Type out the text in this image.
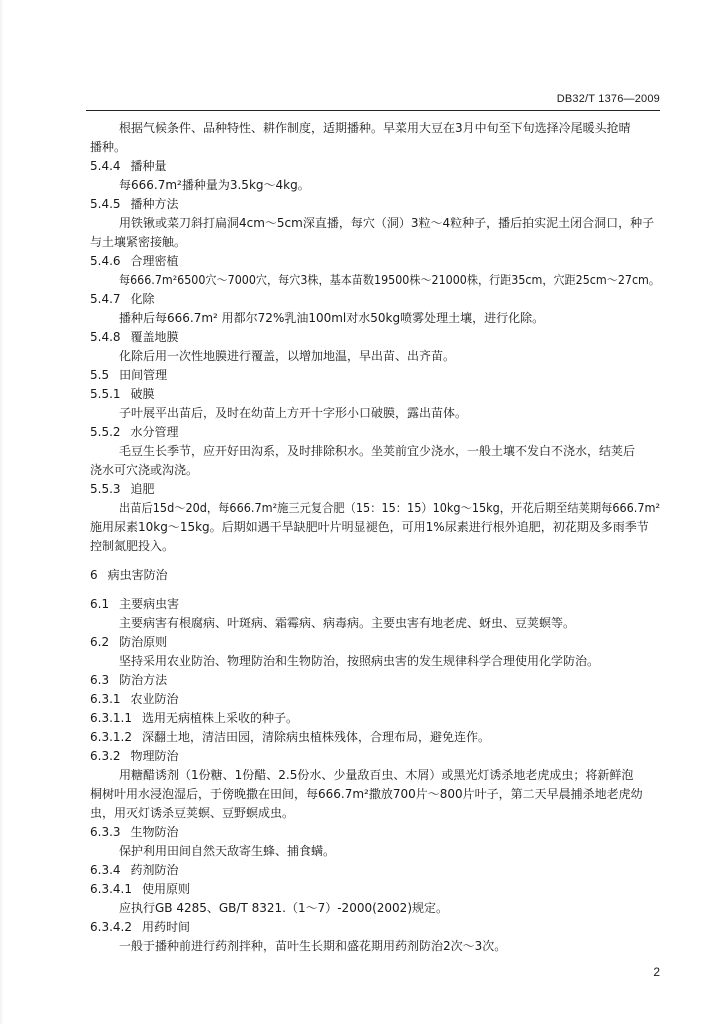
DB32/T 1376—2009
根据气候条件、品种特性、耕作制度，适期播种。早菜用大豆在3月中旬至下旬选择冷尾暖头抢晴
播种。
5.4.4 播种量
每666.7m²播种量为3.5kg～4kg。
5.4.5 播种方法
用铁锹或菜刀斜打扁洞4cm～5cm深直播，每穴（洞）3粒～4粒种子，播后拍实泥土闭合洞口，种子
与土壤紧密接触。
5.4.6 合理密植
每666.7m²6500穴～7000穴，每穴3株，基本苗数19500株～21000株，行距35cm，穴距25cm～27cm。
5.4.7 化除
播种后每666.7m² 用都尔72%乳油100ml对水50kg喷雾处理土壤，进行化除。
5.4.8 覆盖地膜
化除后用一次性地膜进行覆盖，以增加地温，早出苗、出齐苗。
5.5 田间管理
5.5.1 破膜
子叶展平出苗后，及时在幼苗上方开十字形小口破膜，露出苗体。
5.5.2 水分管理
毛豆生长季节，应开好田沟系，及时排除积水。坐荚前宜少浇水，一般土壤不发白不浇水，结荚后
浇水可穴浇或沟浇。
5.5.3 追肥
出苗后15d～20d，每666.7m²施三元复合肥（15：15：15）10kg～15kg，开花后期至结荚期每666.7m²
施用尿素10kg～15kg。后期如遇干旱缺肥叶片明显褪色，可用1%尿素进行根外追肥，初花期及多雨季节
控制氮肥投入。
6 病虫害防治
6.1 主要病虫害
主要病害有根腐病、叶斑病、霜霉病、病毒病。主要虫害有地老虎、蚜虫、豆荚螟等。
6.2 防治原则
坚持采用农业防治、物理防治和生物防治，按照病虫害的发生规律科学合理使用化学防治。
6.3 防治方法
6.3.1 农业防治
6.3.1.1 选用无病植株上采收的种子。
6.3.1.2 深翻土地，清洁田园，清除病虫植株残体，合理布局，避免连作。
6.3.2 物理防治
用糖醋诱剂（1份糖、1份醋、2.5份水、少量敌百虫、木屑）或黑光灯诱杀地老虎成虫；将新鲜泡
桐树叶用水浸泡湿后，于傍晚撒在田间，每666.7m²撒放700片～800片叶子，第二天早晨捕杀地老虎幼
虫，用灭灯诱杀豆荚螟、豆野螟成虫。
6.3.3 生物防治
保护利用田间自然天敌寄生蜂、捕食螨。
6.3.4 药剂防治
6.3.4.1 使用原则
应执行GB 4285、GB/T 8321.（1～7）-2000(2002)规定。
6.3.4.2 用药时间
一般于播种前进行药剂拌种，苗叶生长期和盛花期用药剂防治2次～3次。
2
